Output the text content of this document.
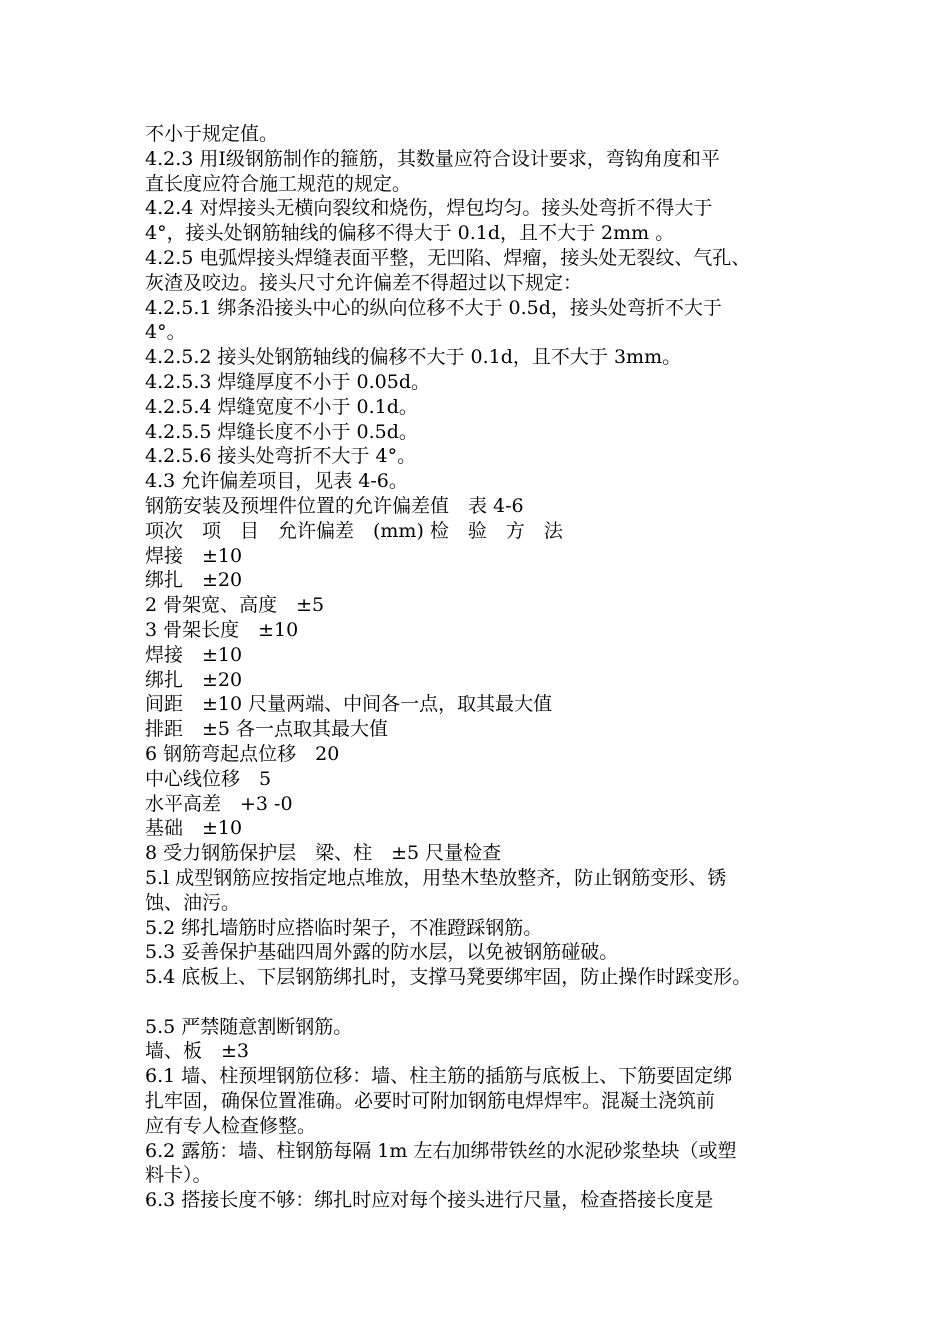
不小于规定值。
4.2.3 用Ⅰ级钢筋制作的箍筋，其数量应符合设计要求，弯钩角度和平
直长度应符合施工规范的规定。
4.2.4 对焊接头无横向裂纹和烧伤，焊包均匀。接头处弯折不得大于
4°，接头处钢筋轴线的偏移不得大于 0.1d，且不大于 2mm 。
4.2.5 电弧焊接头焊缝表面平整，无凹陷、焊瘤，接头处无裂纹、气孔、
灰渣及咬边。接头尺寸允许偏差不得超过以下规定：
4.2.5.1 绑条沿接头中心的纵向位移不大于 0.5d，接头处弯折不大于
4°。
4.2.5.2 接头处钢筋轴线的偏移不大于 0.1d，且不大于 3mm。
4.2.5.3 焊缝厚度不小于 0.05d。
4.2.5.4 焊缝宽度不小于 0.1d。
4.2.5.5 焊缝长度不小于 0.5d。
4.2.5.6 接头处弯折不大于 4°。
4.3 允许偏差项目，见表 4-6。
钢筋安装及预埋件位置的允许偏差值　表 4-6
项次　项　目　允许偏差　(mm) 检　验　方　法
焊接　±10
绑扎　±20
2 骨架宽、高度　±5
3 骨架长度　±10
焊接　±10
绑扎　±20
间距　±10 尺量两端、中间各一点，取其最大值
排距　±5 各一点取其最大值
6 钢筋弯起点位移　20
中心线位移　5
水平高差　+3 -0
基础　±10
8 受力钢筋保护层　梁、柱　±5 尺量检查
5.l 成型钢筋应按指定地点堆放，用垫木垫放整齐，防止钢筋变形、锈
蚀、油污。
5.2 绑扎墙筋时应搭临时架子，不准蹬踩钢筋。
5.3 妥善保护基础四周外露的防水层，以免被钢筋碰破。
5.4 底板上、下层钢筋绑扎时，支撑马凳要绑牢固，防止操作时踩变形。
5.5 严禁随意割断钢筋。
墙、板　±3
6.1 墙、柱预埋钢筋位移：墙、柱主筋的插筋与底板上、下筋要固定绑
扎牢固，确保位置准确。必要时可附加钢筋电焊焊牢。混凝土浇筑前
应有专人检查修整。
6.2 露筋：墙、柱钢筋每隔 1m 左右加绑带铁丝的水泥砂浆垫块（或塑
料卡）。
6.3 搭接长度不够：绑扎时应对每个接头进行尺量，检查搭接长度是
